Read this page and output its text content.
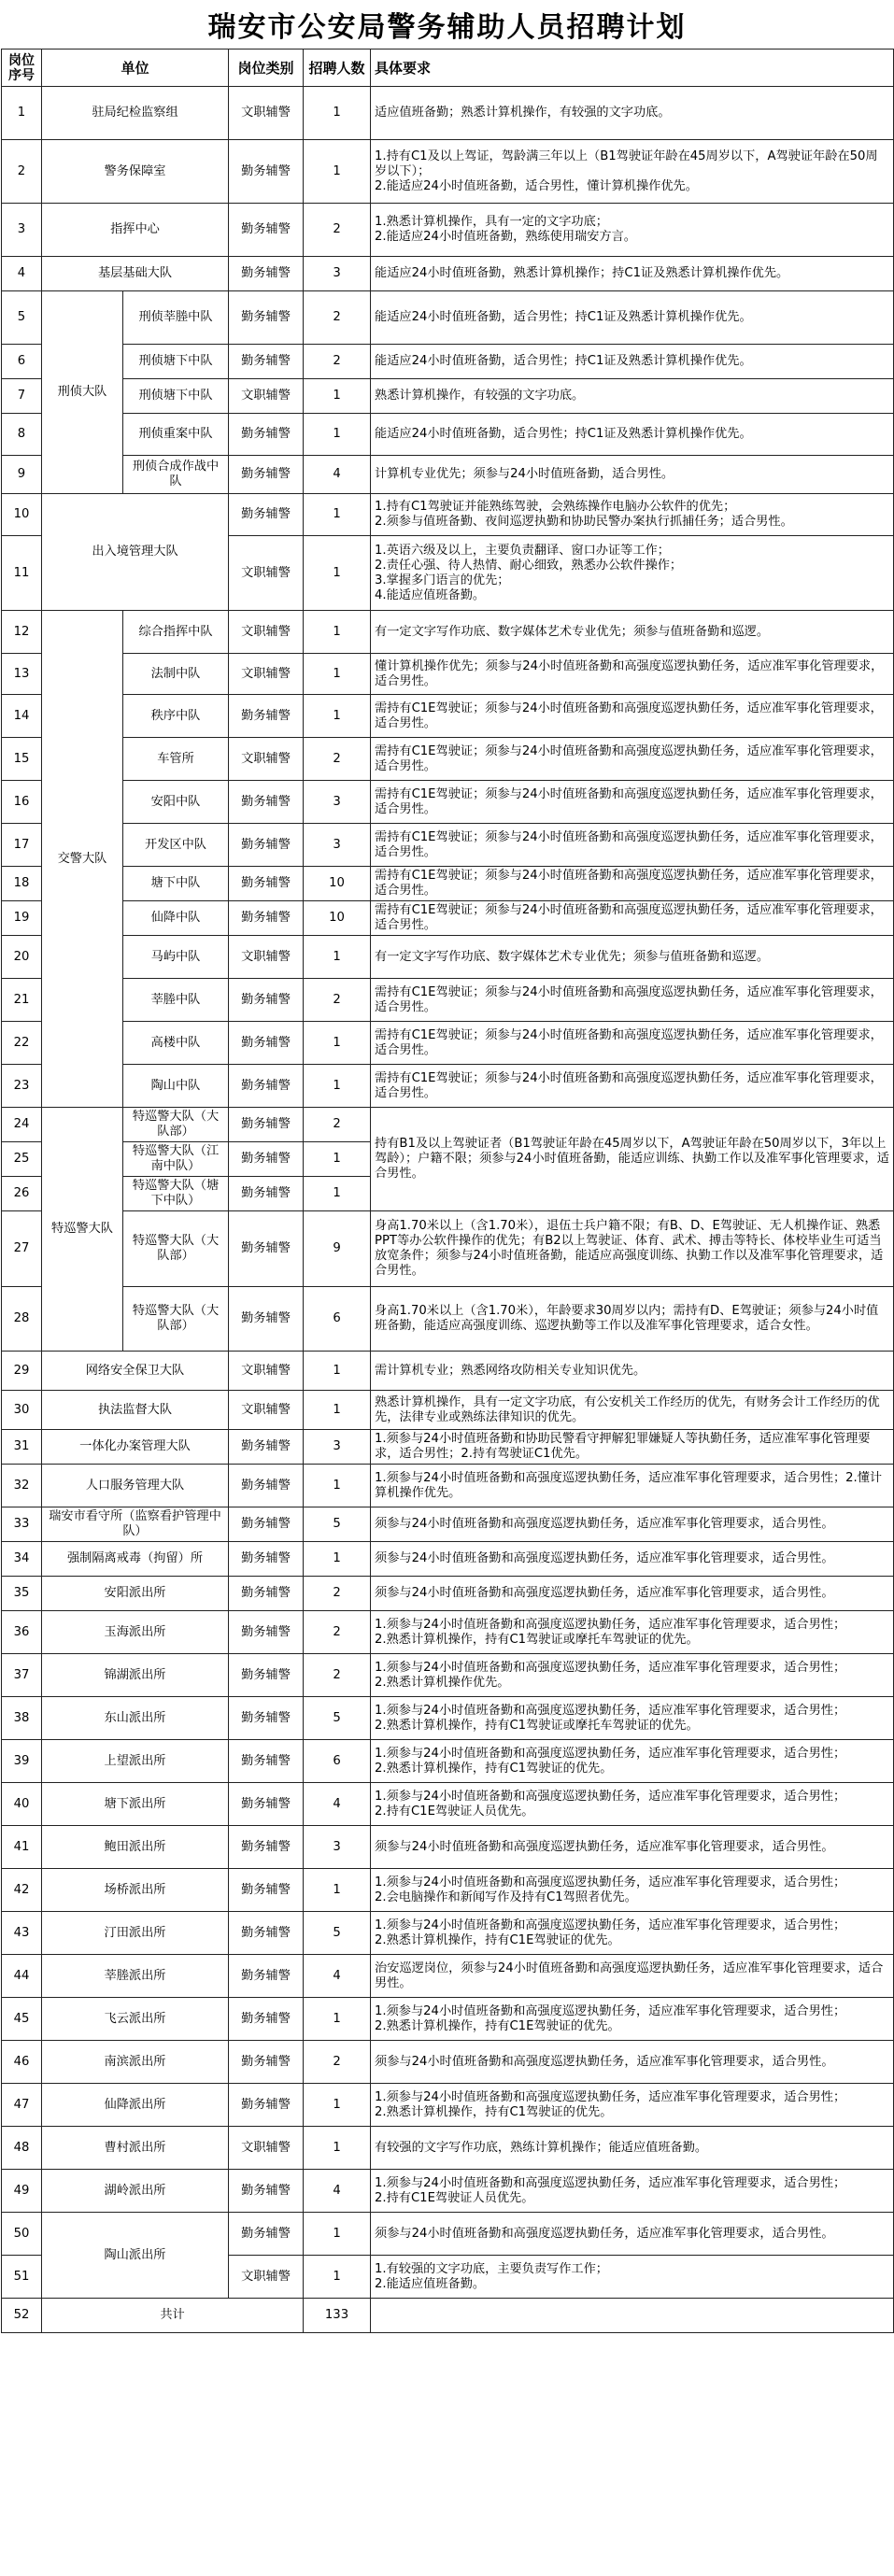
瑞安市公安局警务辅助人员招聘计划
岗位序号	单位		岗位类别	招聘人数	具体要求
1	驻局纪检监察组		文职辅警	1	适应值班备勤；熟悉计算机操作，有较强的文字功底。
2	警务保障室		勤务辅警	1	1.持有C1及以上驾证，驾龄满三年以上（B1驾驶证年龄在45周岁以下，A驾驶证年龄在50周岁以下）；
2.能适应24小时值班备勤，适合男性，懂计算机操作优先。
3	指挥中心		勤务辅警	2	1.熟悉计算机操作，具有一定的文字功底；
2.能适应24小时值班备勤，熟练使用瑞安方言。
4	基层基础大队		勤务辅警	3	能适应24小时值班备勤，熟悉计算机操作；持C1证及熟悉计算机操作优先。
5	刑侦大队	刑侦莘塍中队	勤务辅警	2	能适应24小时值班备勤，适合男性；持C1证及熟悉计算机操作优先。
6		刑侦塘下中队	勤务辅警	2	能适应24小时值班备勤，适合男性；持C1证及熟悉计算机操作优先。
7		刑侦塘下中队	文职辅警	1	熟悉计算机操作，有较强的文字功底。
8		刑侦重案中队	勤务辅警	1	能适应24小时值班备勤，适合男性；持C1证及熟悉计算机操作优先。
9		刑侦合成作战中队	勤务辅警	4	计算机专业优先；须参与24小时值班备勤，适合男性。
10	出入境管理大队		勤务辅警	1	1.持有C1驾驶证并能熟练驾驶，会熟练操作电脑办公软件的优先；
2.须参与值班备勤、夜间巡逻执勤和协助民警办案执行抓捕任务；适合男性。
11			文职辅警	1	1.英语六级及以上，主要负责翻译、窗口办证等工作；
2.责任心强、待人热情、耐心细致，熟悉办公软件操作；
3.掌握多门语言的优先；
4.能适应值班备勤。
12	交警大队	综合指挥中队	文职辅警	1	有一定文字写作功底、数字媒体艺术专业优先；须参与值班备勤和巡逻。
13		法制中队	文职辅警	1	懂计算机操作优先；须参与24小时值班备勤和高强度巡逻执勤任务，适应准军事化管理要求，适合男性。
14		秩序中队	勤务辅警	1	需持有C1E驾驶证；须参与24小时值班备勤和高强度巡逻执勤任务，适应准军事化管理要求，适合男性。
15		车管所	文职辅警	2	需持有C1E驾驶证；须参与24小时值班备勤和高强度巡逻执勤任务，适应准军事化管理要求，适合男性。
16		安阳中队	勤务辅警	3	需持有C1E驾驶证；须参与24小时值班备勤和高强度巡逻执勤任务，适应准军事化管理要求，适合男性。
17		开发区中队	勤务辅警	3	需持有C1E驾驶证；须参与24小时值班备勤和高强度巡逻执勤任务，适应准军事化管理要求，适合男性。
18		塘下中队	勤务辅警	10	需持有C1E驾驶证；须参与24小时值班备勤和高强度巡逻执勤任务，适应准军事化管理要求，适合男性。
19		仙降中队	勤务辅警	10	需持有C1E驾驶证；须参与24小时值班备勤和高强度巡逻执勤任务，适应准军事化管理要求，适合男性。
20		马屿中队	文职辅警	1	有一定文字写作功底、数字媒体艺术专业优先；须参与值班备勤和巡逻。
21		莘塍中队	勤务辅警	2	需持有C1E驾驶证；须参与24小时值班备勤和高强度巡逻执勤任务，适应准军事化管理要求，适合男性。
22		高楼中队	勤务辅警	1	需持有C1E驾驶证；须参与24小时值班备勤和高强度巡逻执勤任务，适应准军事化管理要求，适合男性。
23		陶山中队	勤务辅警	1	需持有C1E驾驶证；须参与24小时值班备勤和高强度巡逻执勤任务，适应准军事化管理要求，适合男性。
24	特巡警大队	特巡警大队（大队部）	勤务辅警	2	持有B1及以上驾驶证者（B1驾驶证年龄在45周岁以下，A驾驶证年龄在50周岁以下，3年以上驾龄）；户籍不限；须参与24小时值班备勤，能适应训练、执勤工作以及准军事化管理要求，适合男性。
25		特巡警大队（江南中队）	勤务辅警	1	
26		特巡警大队（塘下中队）	勤务辅警	1	
27		特巡警大队（大队部）	勤务辅警	9	身高1.70米以上（含1.70米），退伍士兵户籍不限；有B、D、E驾驶证、无人机操作证、熟悉PPT等办公软件操作的优先；有B2以上驾驶证、体育、武术、搏击等特长、体校毕业生可适当放宽条件；须参与24小时值班备勤，能适应高强度训练、执勤工作以及准军事化管理要求，适合男性。
28		特巡警大队（大队部）	勤务辅警	6	身高1.70米以上（含1.70米），年龄要求30周岁以内；需持有D、E驾驶证；须参与24小时值班备勤，能适应高强度训练、巡逻执勤等工作以及准军事化管理要求，适合女性。
29	网络安全保卫大队		文职辅警	1	需计算机专业；熟悉网络攻防相关专业知识优先。
30	执法监督大队		文职辅警	1	熟悉计算机操作，具有一定文字功底，有公安机关工作经历的优先，有财务会计工作经历的优先，法律专业或熟练法律知识的优先。
31	一体化办案管理大队		勤务辅警	3	1.须参与24小时值班备勤和协助民警看守押解犯罪嫌疑人等执勤任务，适应准军事化管理要求，适合男性；2.持有驾驶证C1优先。
32	人口服务管理大队		勤务辅警	1	1.须参与24小时值班备勤和高强度巡逻执勤任务，适应准军事化管理要求，适合男性；2.懂计算机操作优先。
33	瑞安市看守所（监察看护管理中队）		勤务辅警	5	须参与24小时值班备勤和高强度巡逻执勤任务，适应准军事化管理要求，适合男性。
34	强制隔离戒毒（拘留）所		勤务辅警	1	须参与24小时值班备勤和高强度巡逻执勤任务，适应准军事化管理要求，适合男性。
35	安阳派出所		勤务辅警	2	须参与24小时值班备勤和高强度巡逻执勤任务，适应准军事化管理要求，适合男性。
36	玉海派出所		勤务辅警	2	1.须参与24小时值班备勤和高强度巡逻执勤任务，适应准军事化管理要求，适合男性；
2.熟悉计算机操作，持有C1驾驶证或摩托车驾驶证的优先。
37	锦湖派出所		勤务辅警	2	1.须参与24小时值班备勤和高强度巡逻执勤任务，适应准军事化管理要求，适合男性；
2.熟悉计算机操作优先。
38	东山派出所		勤务辅警	5	1.须参与24小时值班备勤和高强度巡逻执勤任务，适应准军事化管理要求，适合男性；
2.熟悉计算机操作，持有C1驾驶证或摩托车驾驶证的优先。
39	上望派出所		勤务辅警	6	1.须参与24小时值班备勤和高强度巡逻执勤任务，适应准军事化管理要求，适合男性；
2.熟悉计算机操作，持有C1驾驶证的优先。
40	塘下派出所		勤务辅警	4	1.须参与24小时值班备勤和高强度巡逻执勤任务，适应准军事化管理要求，适合男性；
2.持有C1E驾驶证人员优先。
41	鲍田派出所		勤务辅警	3	须参与24小时值班备勤和高强度巡逻执勤任务，适应准军事化管理要求，适合男性。
42	场桥派出所		勤务辅警	1	1.须参与24小时值班备勤和高强度巡逻执勤任务，适应准军事化管理要求，适合男性；
2.会电脑操作和新闻写作及持有C1驾照者优先。
43	汀田派出所		勤务辅警	5	1.须参与24小时值班备勤和高强度巡逻执勤任务，适应准军事化管理要求，适合男性；
2.熟悉计算机操作，持有C1E驾驶证的优先。
44	莘塍派出所		勤务辅警	4	治安巡逻岗位，须参与24小时值班备勤和高强度巡逻执勤任务，适应准军事化管理要求，适合男性。
45	飞云派出所		勤务辅警	1	1.须参与24小时值班备勤和高强度巡逻执勤任务，适应准军事化管理要求，适合男性；
2.熟悉计算机操作，持有C1E驾驶证的优先。
46	南滨派出所		勤务辅警	2	须参与24小时值班备勤和高强度巡逻执勤任务，适应准军事化管理要求，适合男性。
47	仙降派出所		勤务辅警	1	1.须参与24小时值班备勤和高强度巡逻执勤任务，适应准军事化管理要求，适合男性；
2.熟悉计算机操作，持有C1驾驶证的优先。
48	曹村派出所		文职辅警	1	有较强的文字写作功底，熟练计算机操作；能适应值班备勤。
49	湖岭派出所		勤务辅警	4	1.须参与24小时值班备勤和高强度巡逻执勤任务，适应准军事化管理要求，适合男性；
2.持有C1E驾驶证人员优先。
50	陶山派出所		勤务辅警	1	须参与24小时值班备勤和高强度巡逻执勤任务，适应准军事化管理要求，适合男性。
51			文职辅警	1	1.有较强的文字功底，主要负责写作工作；
2.能适应值班备勤。
52	共计			133	
